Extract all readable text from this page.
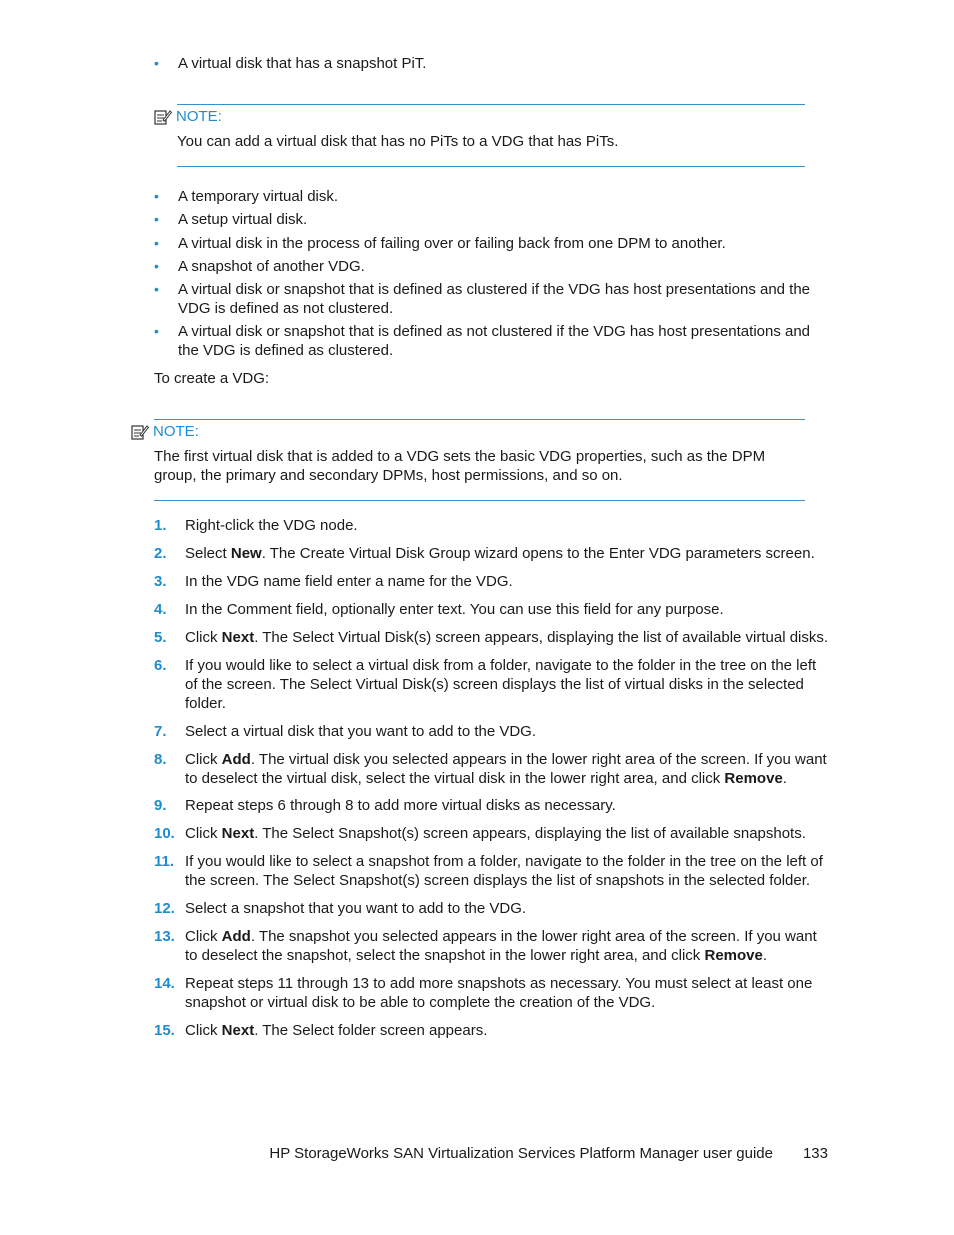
• A virtual disk that has a snapshot PiT.
NOTE:
You can add a virtual disk that has no PiTs to a VDG that has PiTs.
• A temporary virtual disk.
• A setup virtual disk.
• A virtual disk in the process of failing over or failing back from one DPM to another.
• A snapshot of another VDG.
• A virtual disk or snapshot that is defined as clustered if the VDG has host presentations and the VDG is defined as not clustered.
• A virtual disk or snapshot that is defined as not clustered if the VDG has host presentations and the VDG is defined as clustered.
To create a VDG:
NOTE:
The first virtual disk that is added to a VDG sets the basic VDG properties, such as the DPM group, the primary and secondary DPMs, host permissions, and so on.
1. Right-click the VDG node.
2. Select New. The Create Virtual Disk Group wizard opens to the Enter VDG parameters screen.
3. In the VDG name field enter a name for the VDG.
4. In the Comment field, optionally enter text. You can use this field for any purpose.
5. Click Next. The Select Virtual Disk(s) screen appears, displaying the list of available virtual disks.
6. If you would like to select a virtual disk from a folder, navigate to the folder in the tree on the left of the screen. The Select Virtual Disk(s) screen displays the list of virtual disks in the selected folder.
7. Select a virtual disk that you want to add to the VDG.
8. Click Add. The virtual disk you selected appears in the lower right area of the screen. If you want to deselect the virtual disk, select the virtual disk in the lower right area, and click Remove.
9. Repeat steps 6 through 8 to add more virtual disks as necessary.
10. Click Next. The Select Snapshot(s) screen appears, displaying the list of available snapshots.
11. If you would like to select a snapshot from a folder, navigate to the folder in the tree on the left of the screen. The Select Snapshot(s) screen displays the list of snapshots in the selected folder.
12. Select a snapshot that you want to add to the VDG.
13. Click Add. The snapshot you selected appears in the lower right area of the screen. If you want to deselect the snapshot, select the snapshot in the lower right area, and click Remove.
14. Repeat steps 11 through 13 to add more snapshots as necessary. You must select at least one snapshot or virtual disk to be able to complete the creation of the VDG.
15. Click Next. The Select folder screen appears.
HP StorageWorks SAN Virtualization Services Platform Manager user guide 133
